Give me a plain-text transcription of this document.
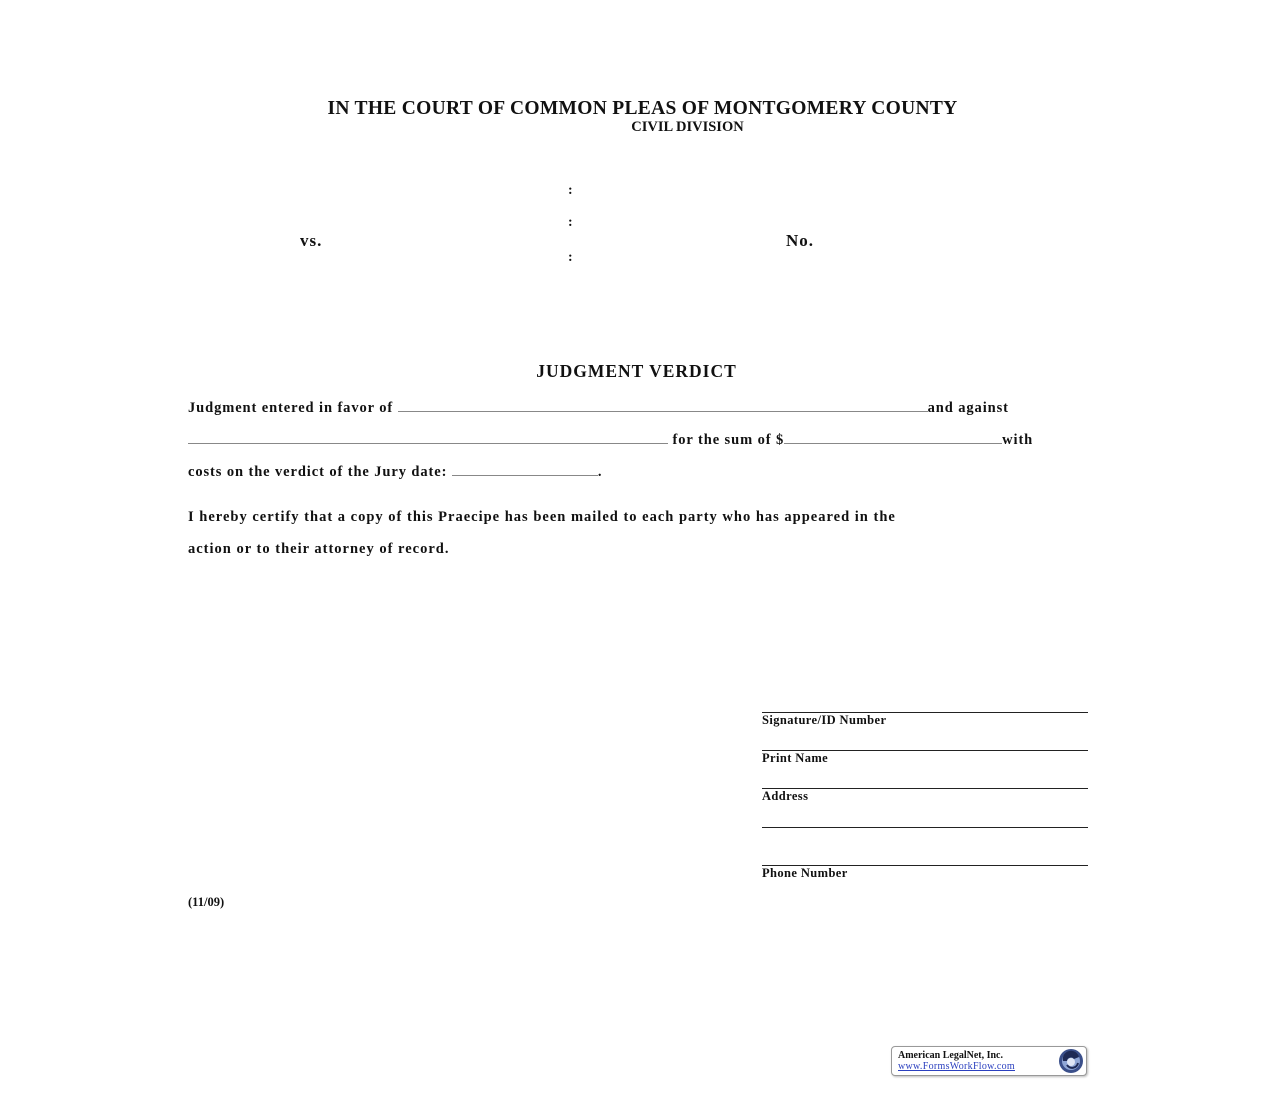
IN THE COURT OF COMMON PLEAS OF MONTGOMERY COUNTY
CIVIL DIVISION
:
:
:
vs.	No.
JUDGMENT VERDICT
Judgment entered in favor of	and against
for the sum of $	with
costs on the verdict of the Jury date:	.
I hereby certify that a copy of this Praecipe has been mailed to each party who has appeared in the
action or to their attorney of record.
Signature/ID Number
Print Name
Address
Phone Number
(11/09)
American LegalNet, Inc.
www.FormsWorkFlow.com
